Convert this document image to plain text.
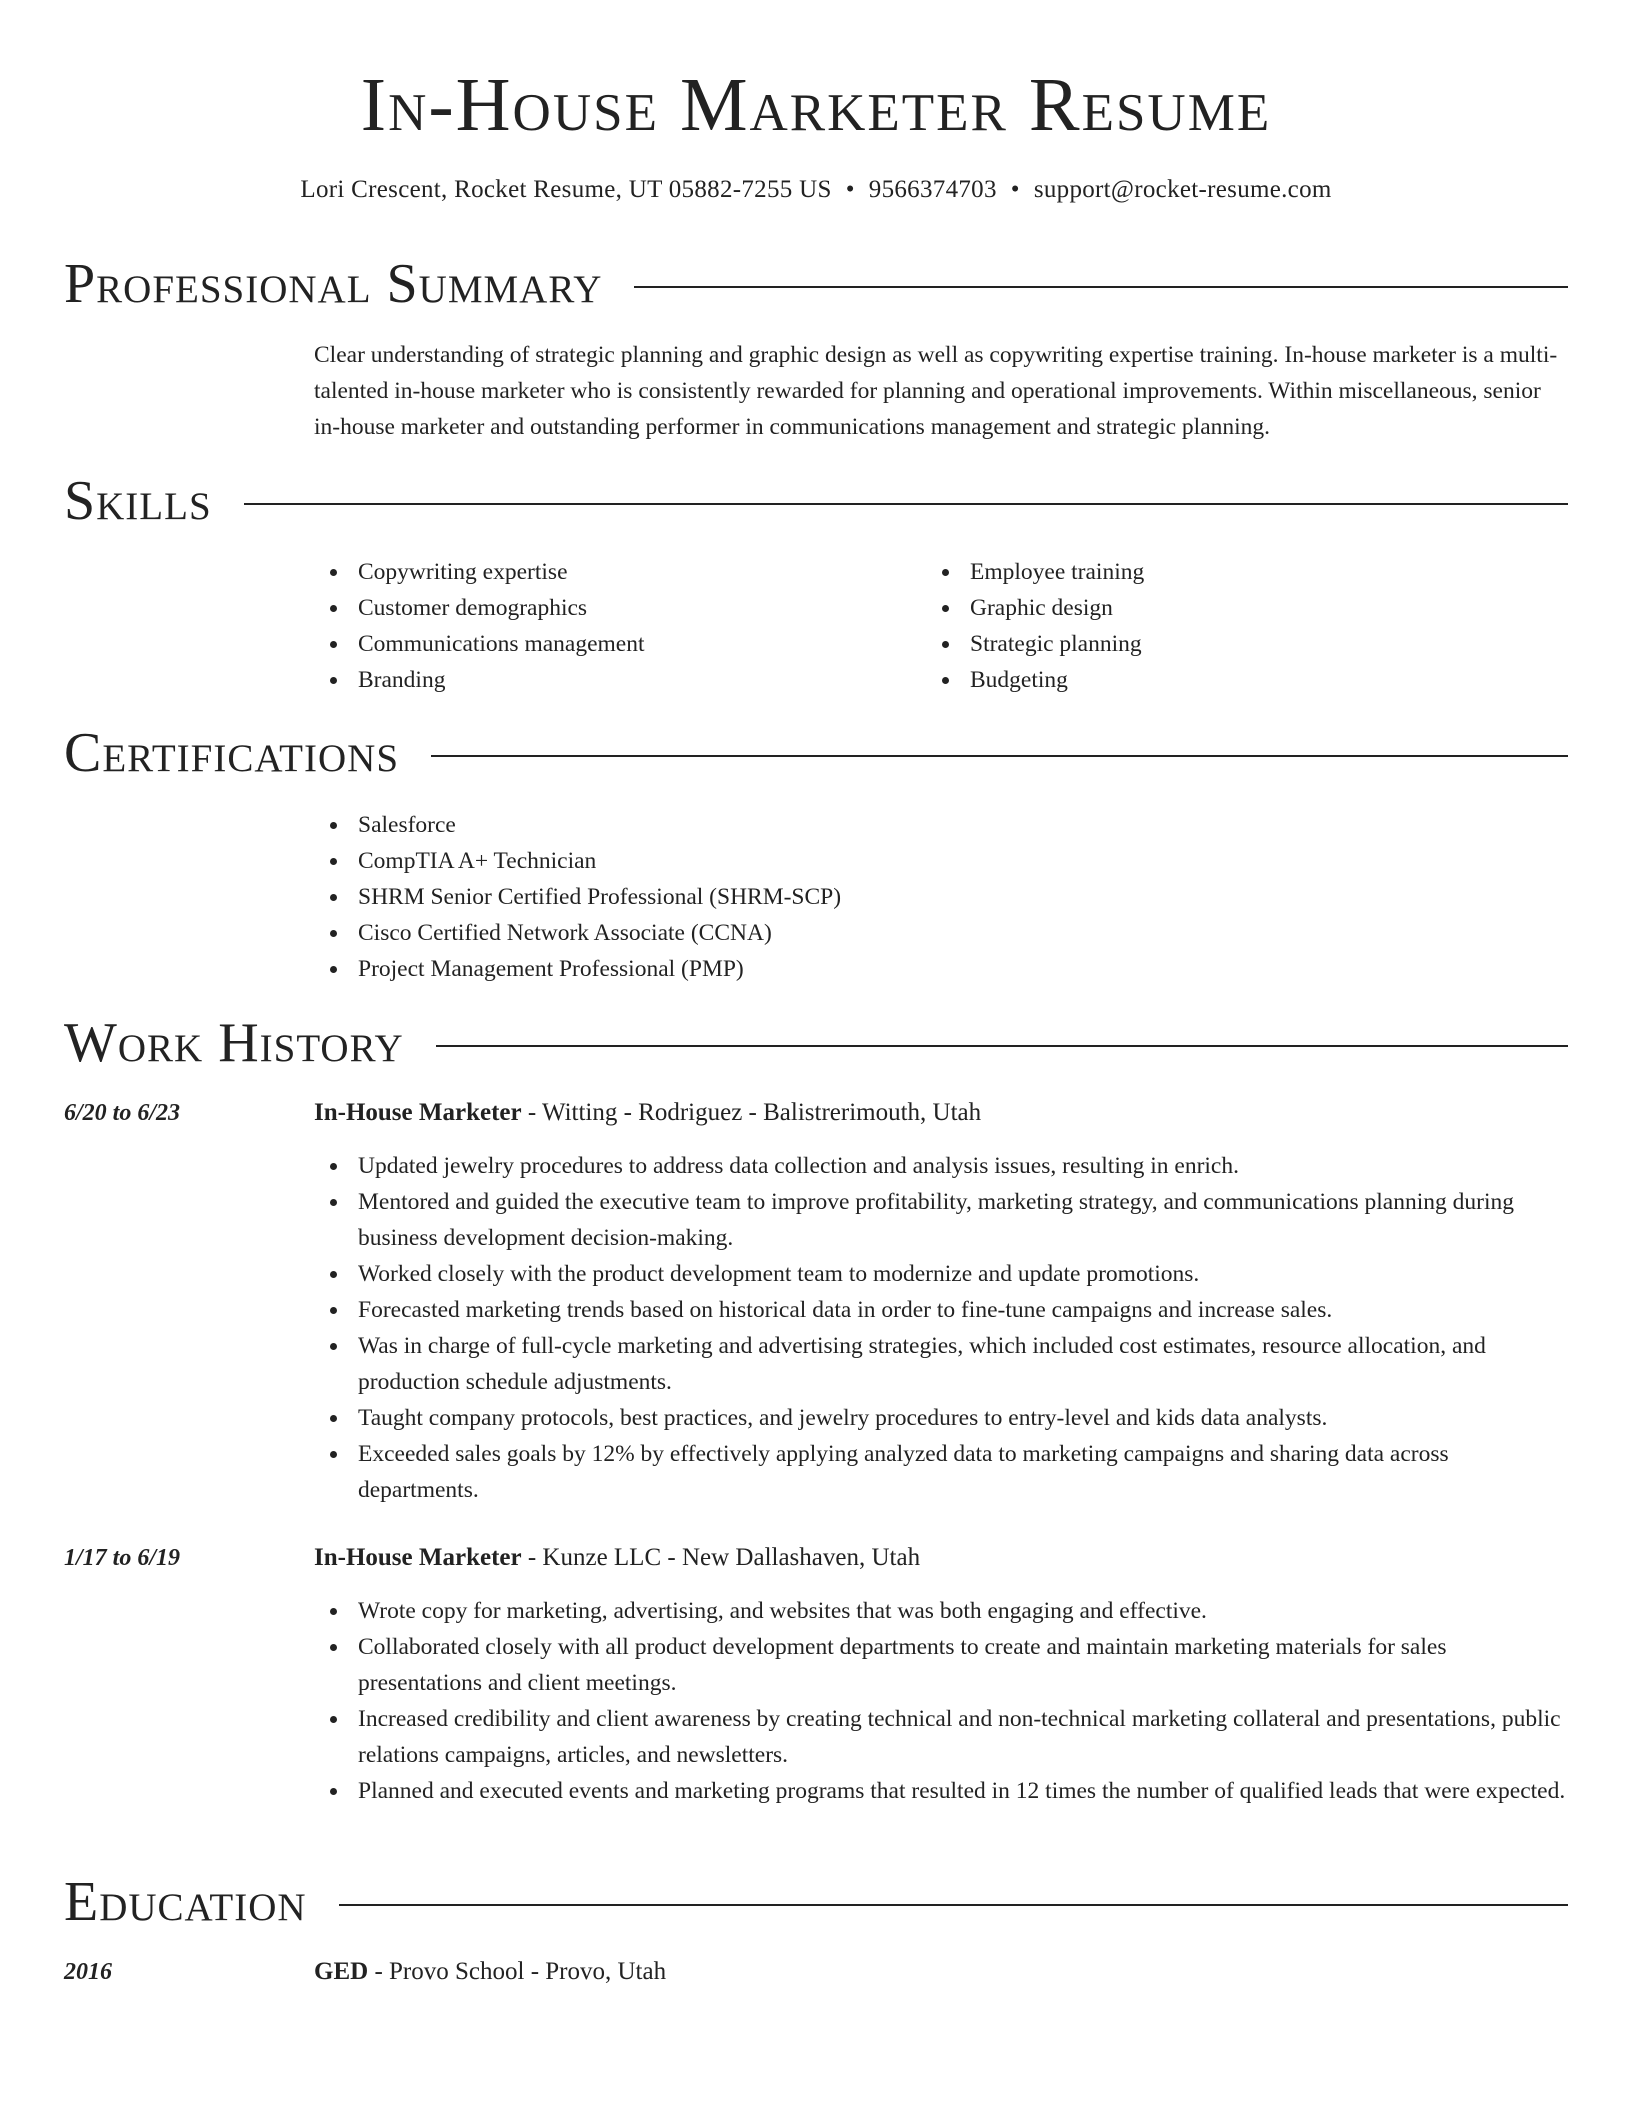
In-House Marketer Resume
Lori Crescent, Rocket Resume, UT 05882-7255 US • 9566374703 • support@rocket-resume.com
Professional Summary

Clear understanding of strategic planning and graphic design as well as copywriting expertise training. In-house marketer is a multi-talented in-house marketer who is consistently rewarded for planning and operational improvements. Within miscellaneous, senior in-house marketer and outstanding performer in communications management and strategic planning.

Skills
Copywriting expertise
Customer demographics
Communications management
Branding
Employee training
Graphic design
Strategic planning
Budgeting
Certifications
Salesforce
CompTIA A+ Technician
SHRM Senior Certified Professional (SHRM-SCP)
Cisco Certified Network Associate (CCNA)
Project Management Professional (PMP)
Work History
6/20 to 6/23	In-House Marketer - Witting - Rodriguez - Balistrerimouth, Utah
Updated jewelry procedures to address data collection and analysis issues, resulting in enrich.
Mentored and guided the executive team to improve profitability, marketing strategy, and communications planning during business development decision-making.
Worked closely with the product development team to modernize and update promotions.
Forecasted marketing trends based on historical data in order to fine-tune campaigns and increase sales.
Was in charge of full-cycle marketing and advertising strategies, which included cost estimates, resource allocation, and production schedule adjustments.
Taught company protocols, best practices, and jewelry procedures to entry-level and kids data analysts.
Exceeded sales goals by 12% by effectively applying analyzed data to marketing campaigns and sharing data across departments.
1/17 to 6/19	In-House Marketer - Kunze LLC - New Dallashaven, Utah
Wrote copy for marketing, advertising, and websites that was both engaging and effective.
Collaborated closely with all product development departments to create and maintain marketing materials for sales presentations and client meetings.
Increased credibility and client awareness by creating technical and non-technical marketing collateral and presentations, public relations campaigns, articles, and newsletters.
Planned and executed events and marketing programs that resulted in 12 times the number of qualified leads that were expected.
Education
2016	GED - Provo School - Provo, Utah
